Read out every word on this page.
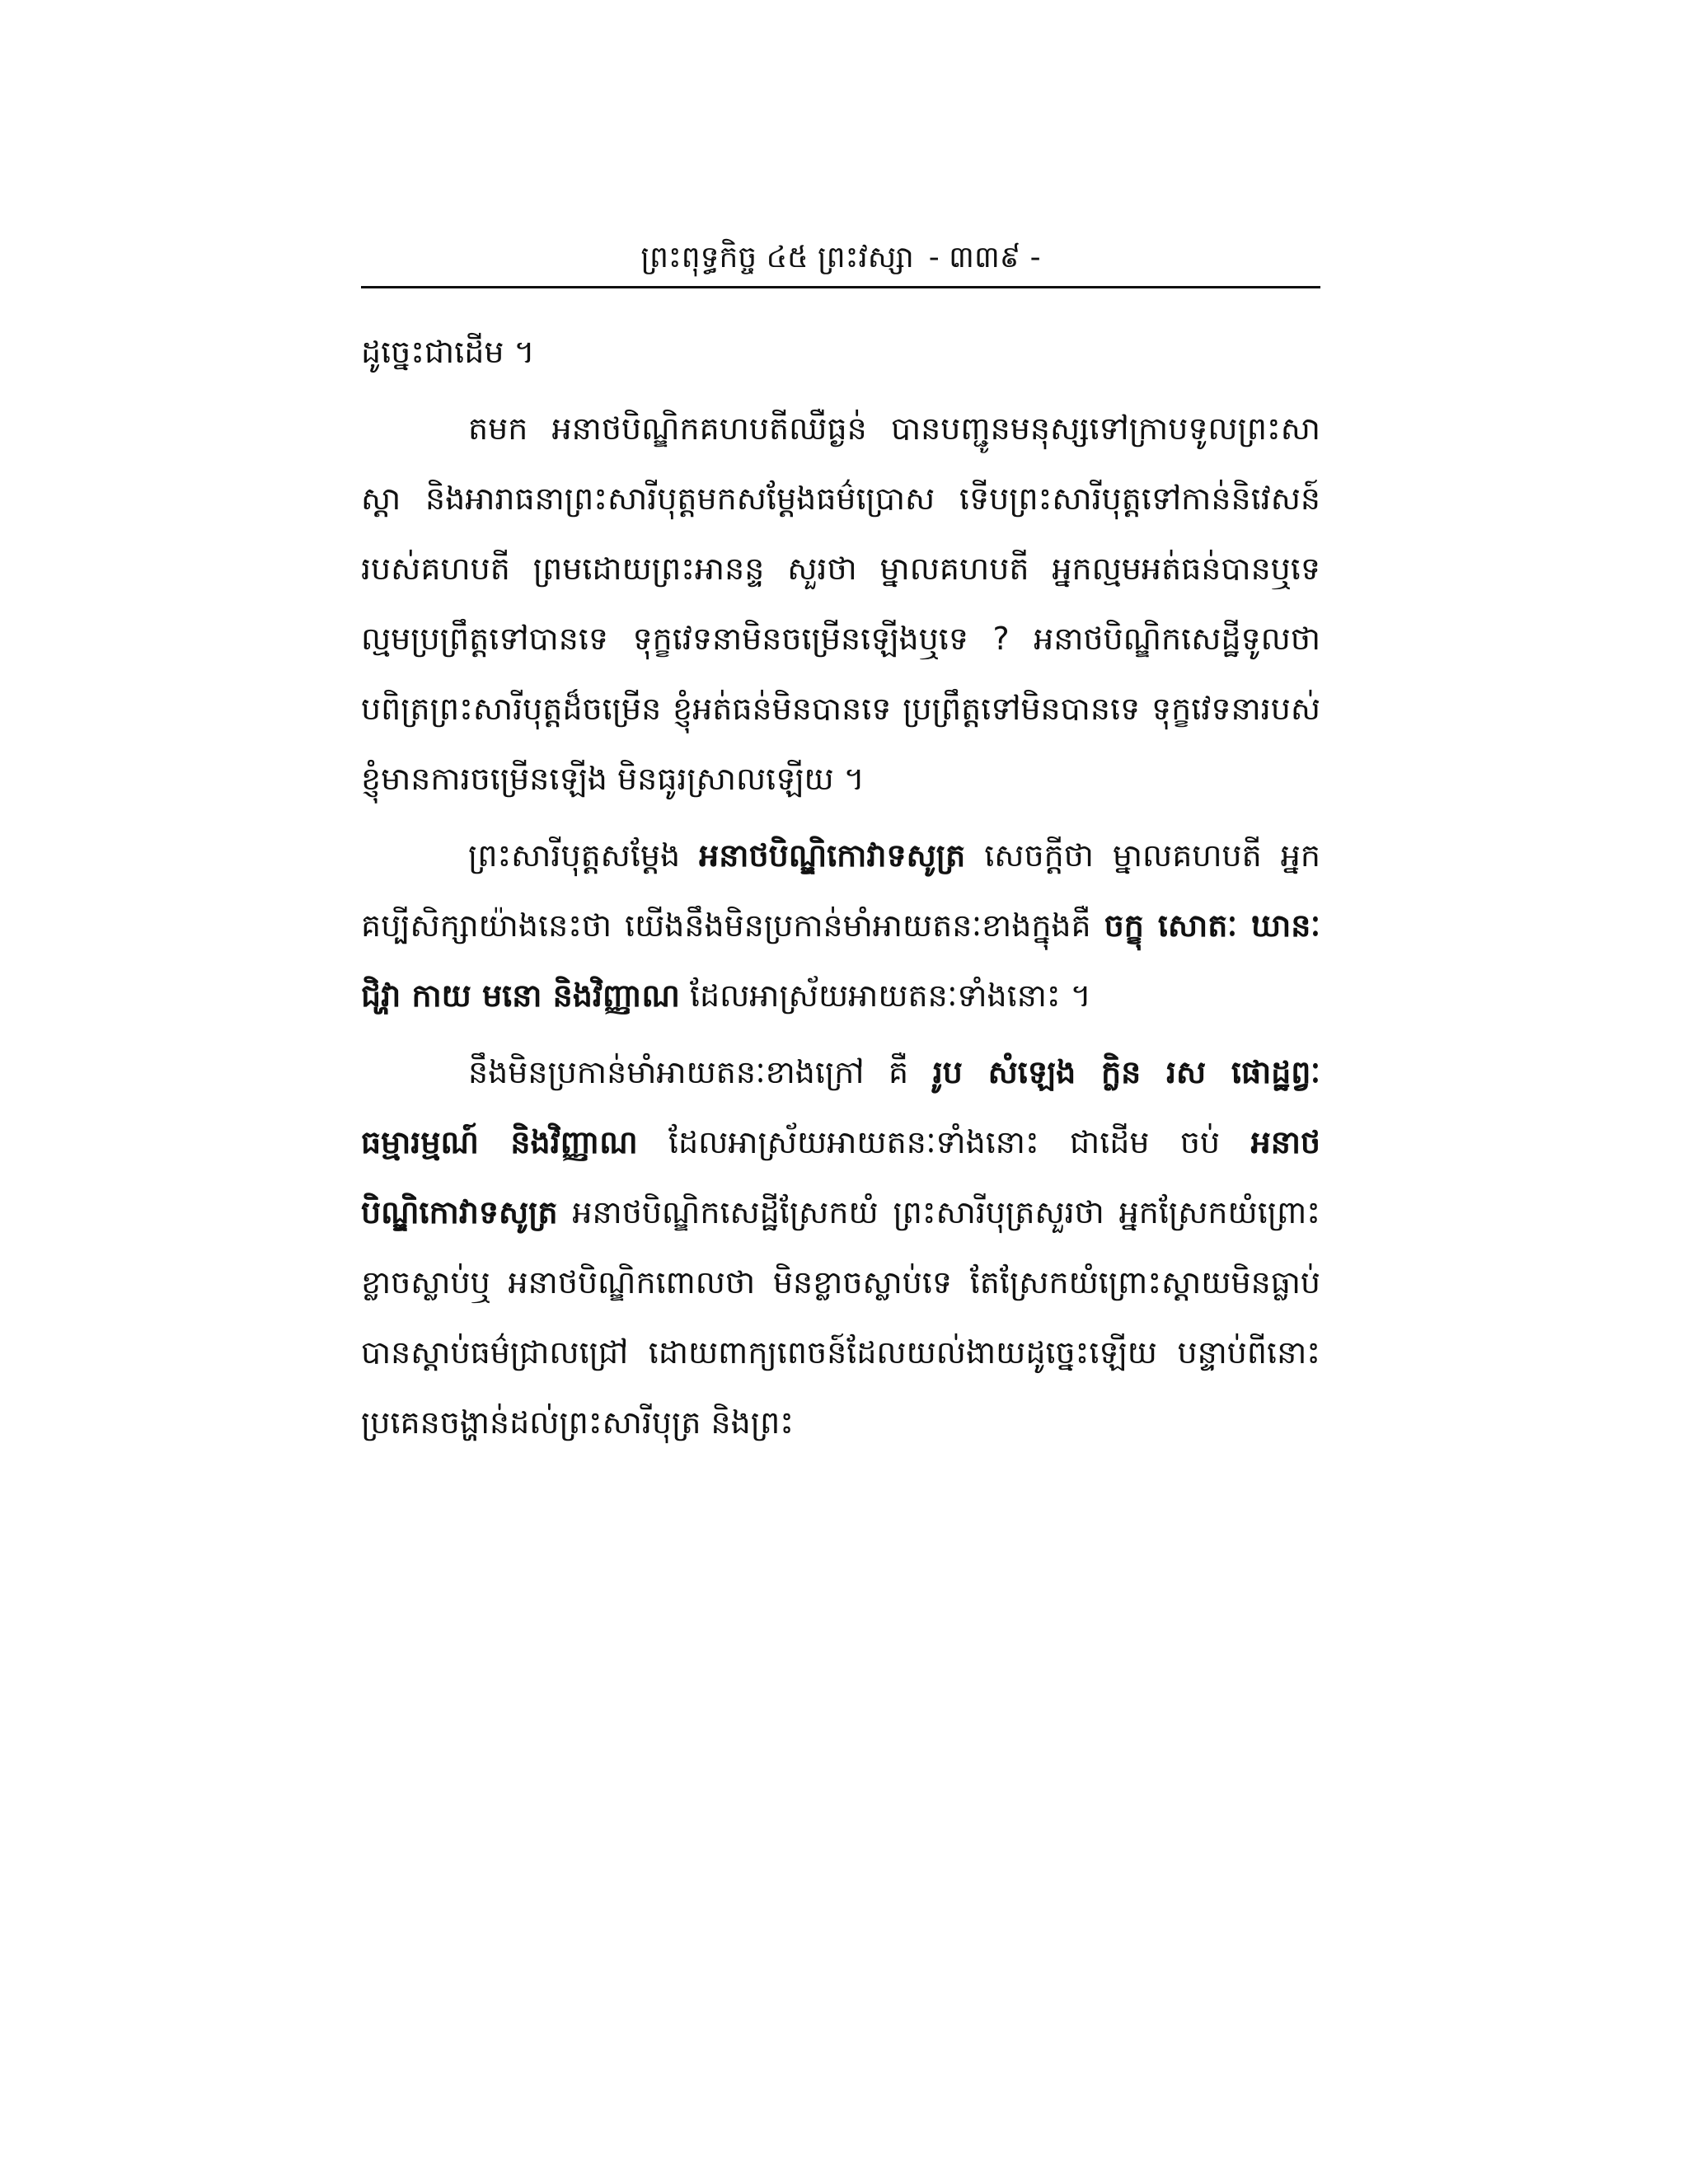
ព្រះពុទ្ធកិច្ច ៤៥ ព្រះវស្សា - ៣៣៩ -

ដូច្នេះជាដើម ។

តមក អនាថបិណ្ឌិកគហបតីឈឺធ្ងន់ បានបញ្ជូនមនុស្សទៅក្រាបទូលព្រះសាស្តា និងអារាធនាព្រះសារីបុត្តមកសម្តែងធម៌ប្រោស ទើបព្រះសារីបុត្តទៅកាន់និវេសន៍របស់គហបតី ព្រមដោយព្រះអានន្ទ សួរថា ម្នាលគហបតី អ្នកល្មមអត់ធន់បានឬទេ ល្មមប្រព្រឹត្តទៅបានទេ ទុក្ខវេទនាមិនចម្រើនឡើងឬទេ ? អនាថបិណ្ឌិកសេដ្ឋីទូលថា បពិត្រព្រះសារីបុត្តដ៏ចម្រើន ខ្ញុំអត់ធន់មិនបានទេ ប្រព្រឹត្តទៅមិនបានទេ ទុក្ខវេទនារបស់ខ្ញុំមានការចម្រើនឡើង មិនធូរស្រាលឡើយ ។

ព្រះសារីបុត្តសម្តែង អនាថបិណ្ឌិកោវាទសូត្រ សេចក្តីថា ម្នាលគហបតី អ្នកគប្បីសិក្សាយ៉ាងនេះថា យើងនឹងមិនប្រកាន់មាំអាយតនៈខាងក្នុងគឺ ចក្ខុ សោតៈ ឃានៈ ជិវ្ហា កាយ មនោ និងវិញ្ញាណ ដែលអាស្រ័យអាយតនៈទាំងនោះ ។

នឹងមិនប្រកាន់មាំអាយតនៈខាងក្រៅ គឺ រូប សំឡេង ក្លិន រស ផោដ្ឋព្វៈ ធម្មារម្មណ៍ និងវិញ្ញាណ ដែលអាស្រ័យអាយតនៈទាំងនោះ ជាដើម ចប់ អនាថបិណ្ឌិកោវាទសូត្រ អនាថបិណ្ឌិកសេដ្ឋីស្រែកយំ ព្រះសារីបុត្រសួរថា អ្នកស្រែកយំព្រោះខ្លាចស្លាប់ឬ អនាថបិណ្ឌិកពោលថា មិនខ្លាចស្លាប់ទេ តែស្រែកយំព្រោះស្តាយមិនធ្លាប់បានស្តាប់ធម៌ជ្រាលជ្រៅ ដោយពាក្យពេចន៍ដែលយល់ងាយដូច្នេះឡើយ បន្ទាប់ពីនោះ ប្រគេនចង្ហាន់ដល់ព្រះសារីបុត្រ និងព្រះ
